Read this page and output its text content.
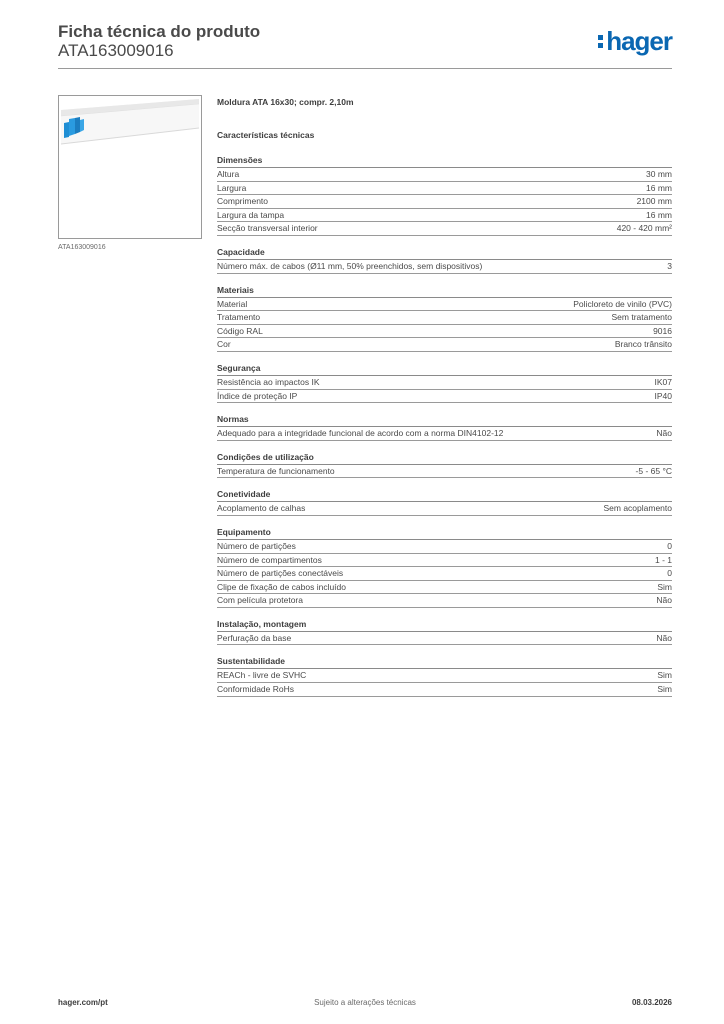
Ficha técnica do produto
ATA163009016	hager
ATA163009016
Moldura ATA 16x30; compr. 2,10m
Características técnicas
Dimensões
Altura	30 mm
Largura	16 mm
Comprimento	2100 mm
Largura da tampa	16 mm
Secção transversal interior	420 - 420 mm²
Capacidade
Número máx. de cabos (Ø11 mm, 50% preenchidos, sem dispositivos)	3
Materiais
Material	Policloreto de vinilo (PVC)
Tratamento	Sem tratamento
Código RAL	9016
Cor	Branco trânsito
Segurança
Resistência ao impactos IK	IK07
Índice de proteção IP	IP40
Normas
Adequado para a integridade funcional de acordo com a norma DIN4102-12	Não
Condições de utilização
Temperatura de funcionamento	-5 - 65 °C
Conetividade
Acoplamento de calhas	Sem acoplamento
Equipamento
Número de partições	0
Número de compartimentos	1 - 1
Número de partições conectáveis	0
Clipe de fixação de cabos incluído	Sim
Com película protetora	Não
Instalação, montagem
Perfuração da base	Não
Sustentabilidade
REACh - livre de SVHC	Sim
Conformidade RoHs	Sim
hager.com/pt	Sujeito a alterações técnicas	08.03.2026
